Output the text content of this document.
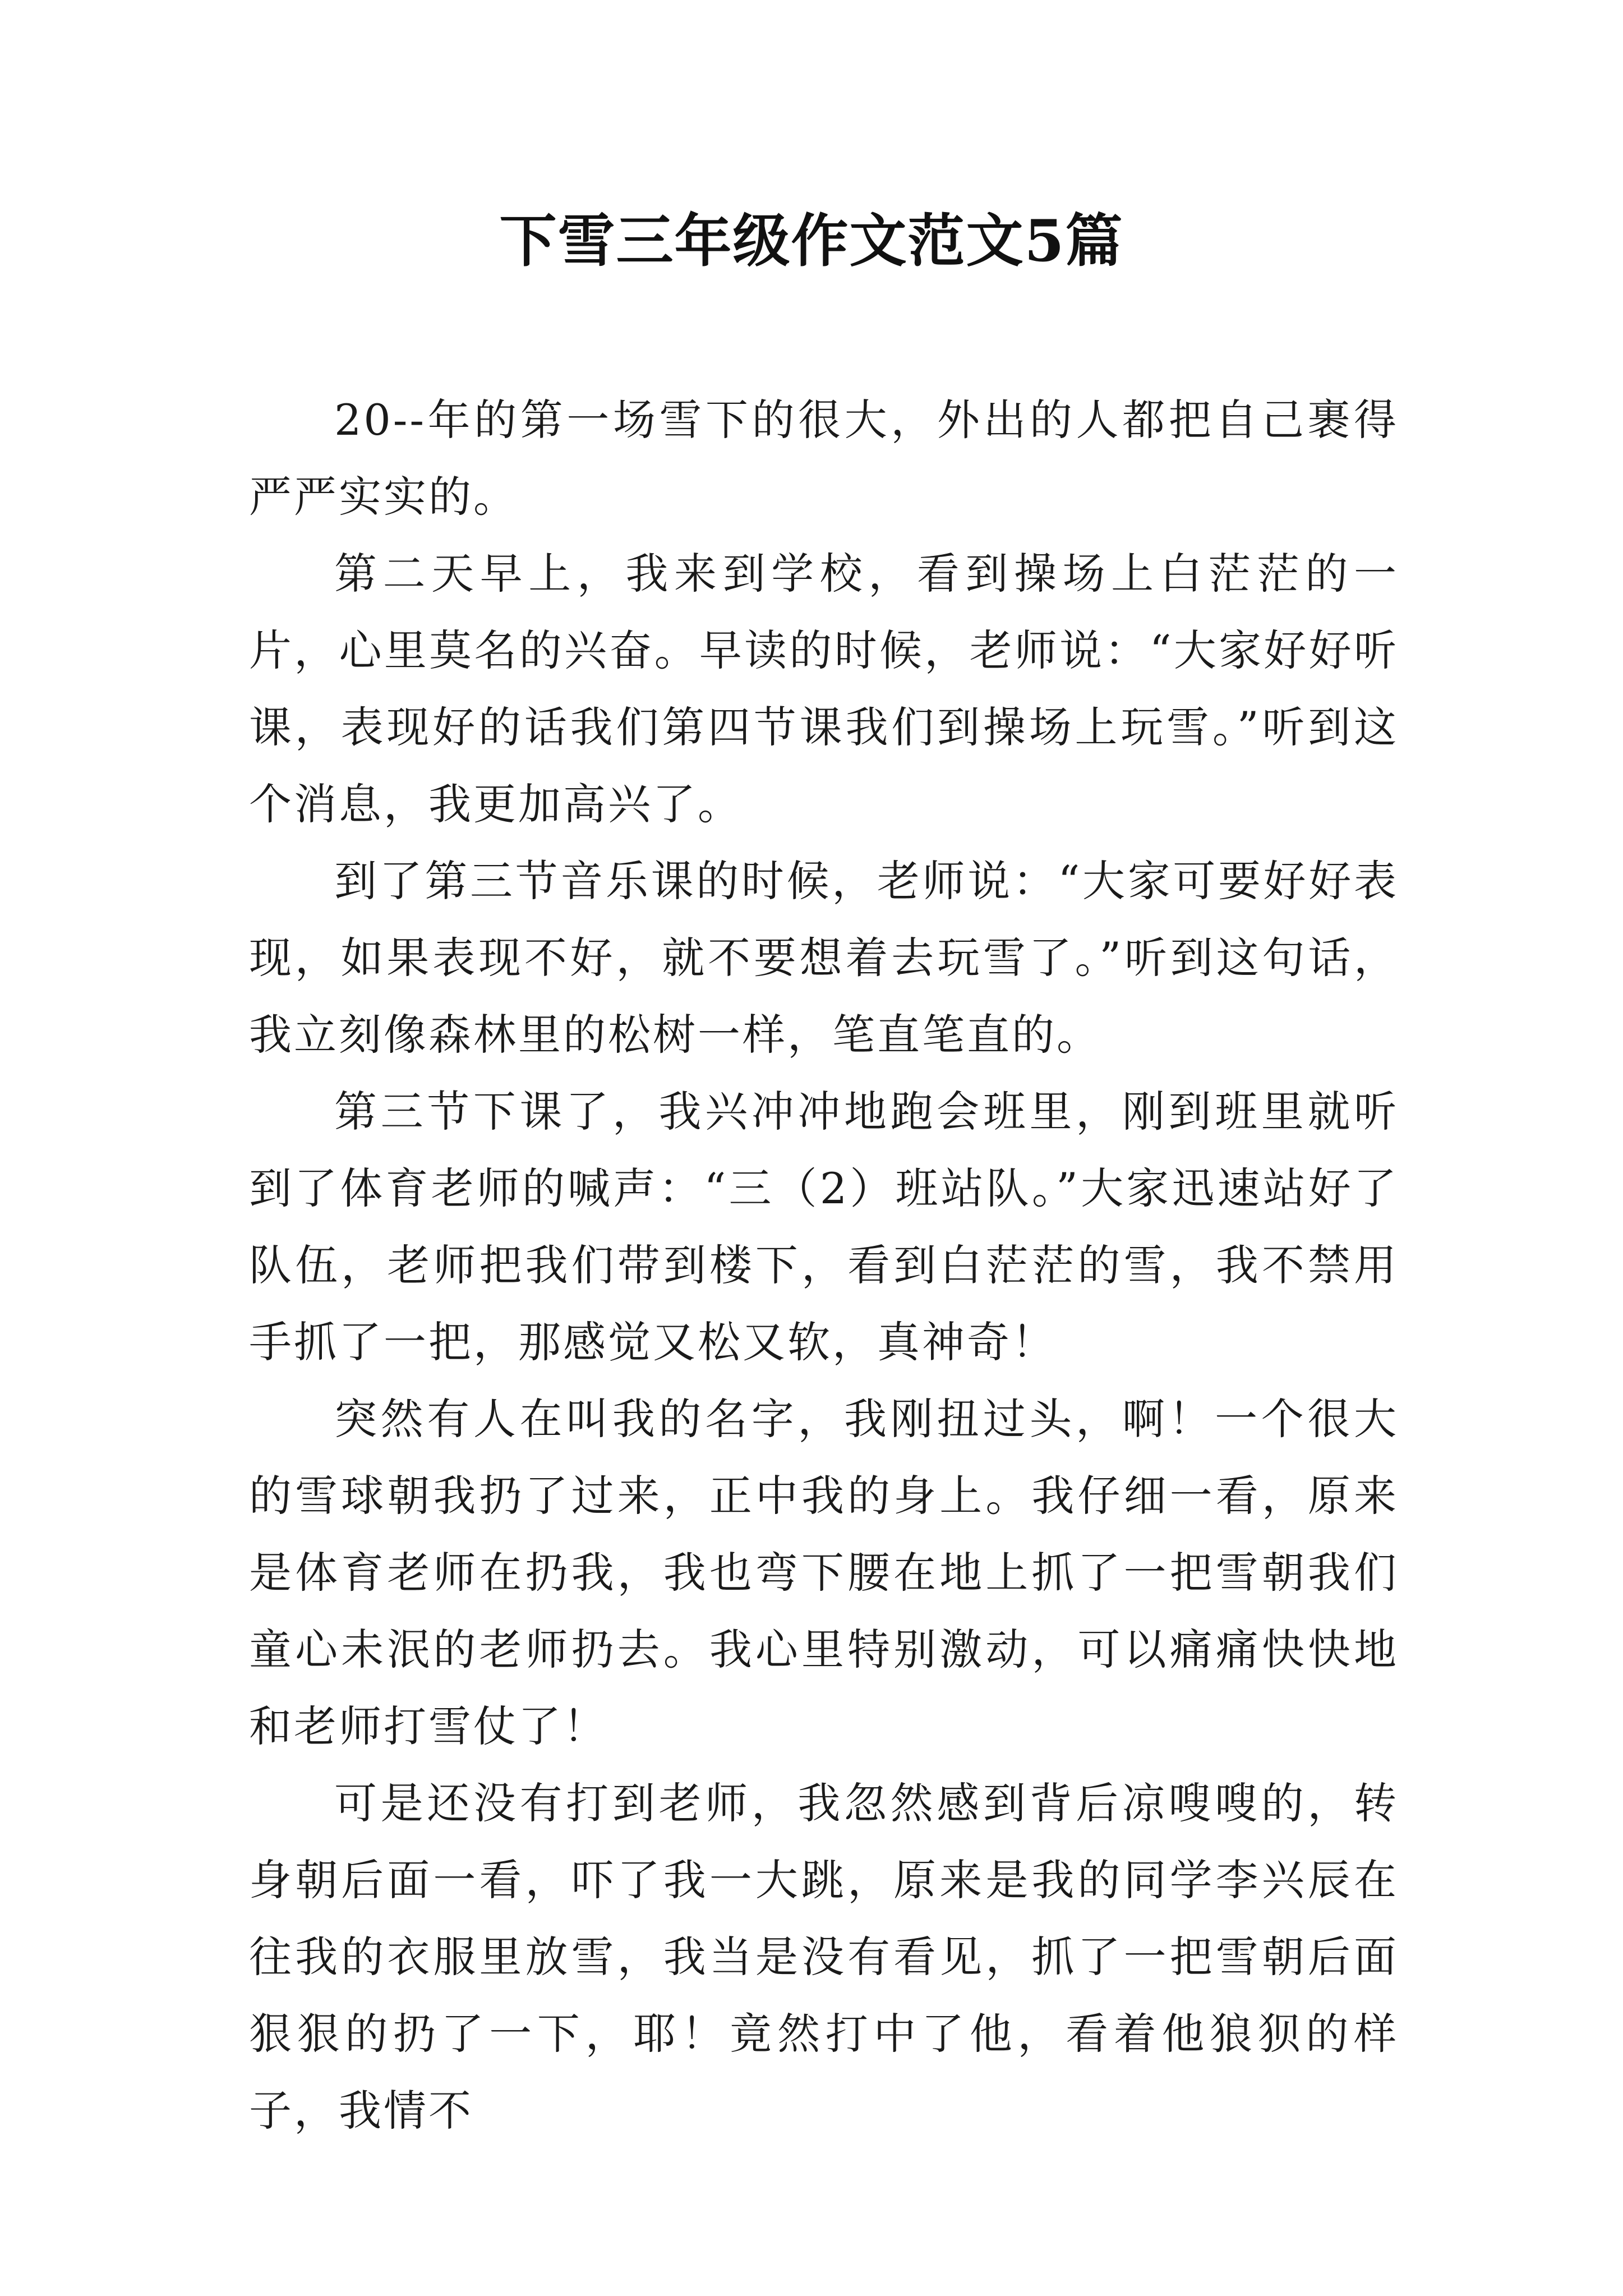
下雪三年级作文范文5篇

20--年的第一场雪下的很大，外出的人都把自己裹得严严实实的。

第二天早上，我来到学校，看到操场上白茫茫的一片，心里莫名的兴奋。早读的时候，老师说：“大家好好听课，表现好的话我们第四节课我们到操场上玩雪。”听到这个消息，我更加高兴了。

到了第三节音乐课的时候，老师说：“大家可要好好表现，如果表现不好，就不要想着去玩雪了。”听到这句话，我立刻像森林里的松树一样，笔直笔直的。

第三节下课了，我兴冲冲地跑会班里，刚到班里就听到了体育老师的喊声：“三（2）班站队。”大家迅速站好了队伍，老师把我们带到楼下，看到白茫茫的雪，我不禁用手抓了一把，那感觉又松又软，真神奇！

突然有人在叫我的名字，我刚扭过头，啊！一个很大的雪球朝我扔了过来，正中我的身上。我仔细一看，原来是体育老师在扔我，我也弯下腰在地上抓了一把雪朝我们童心未泯的老师扔去。我心里特别激动，可以痛痛快快地和老师打雪仗了！

可是还没有打到老师，我忽然感到背后凉嗖嗖的，转身朝后面一看，吓了我一大跳，原来是我的同学李兴辰在往我的衣服里放雪，我当是没有看见，抓了一把雪朝后面狠狠的扔了一下，耶！竟然打中了他，看着他狼狈的样子，我情不
